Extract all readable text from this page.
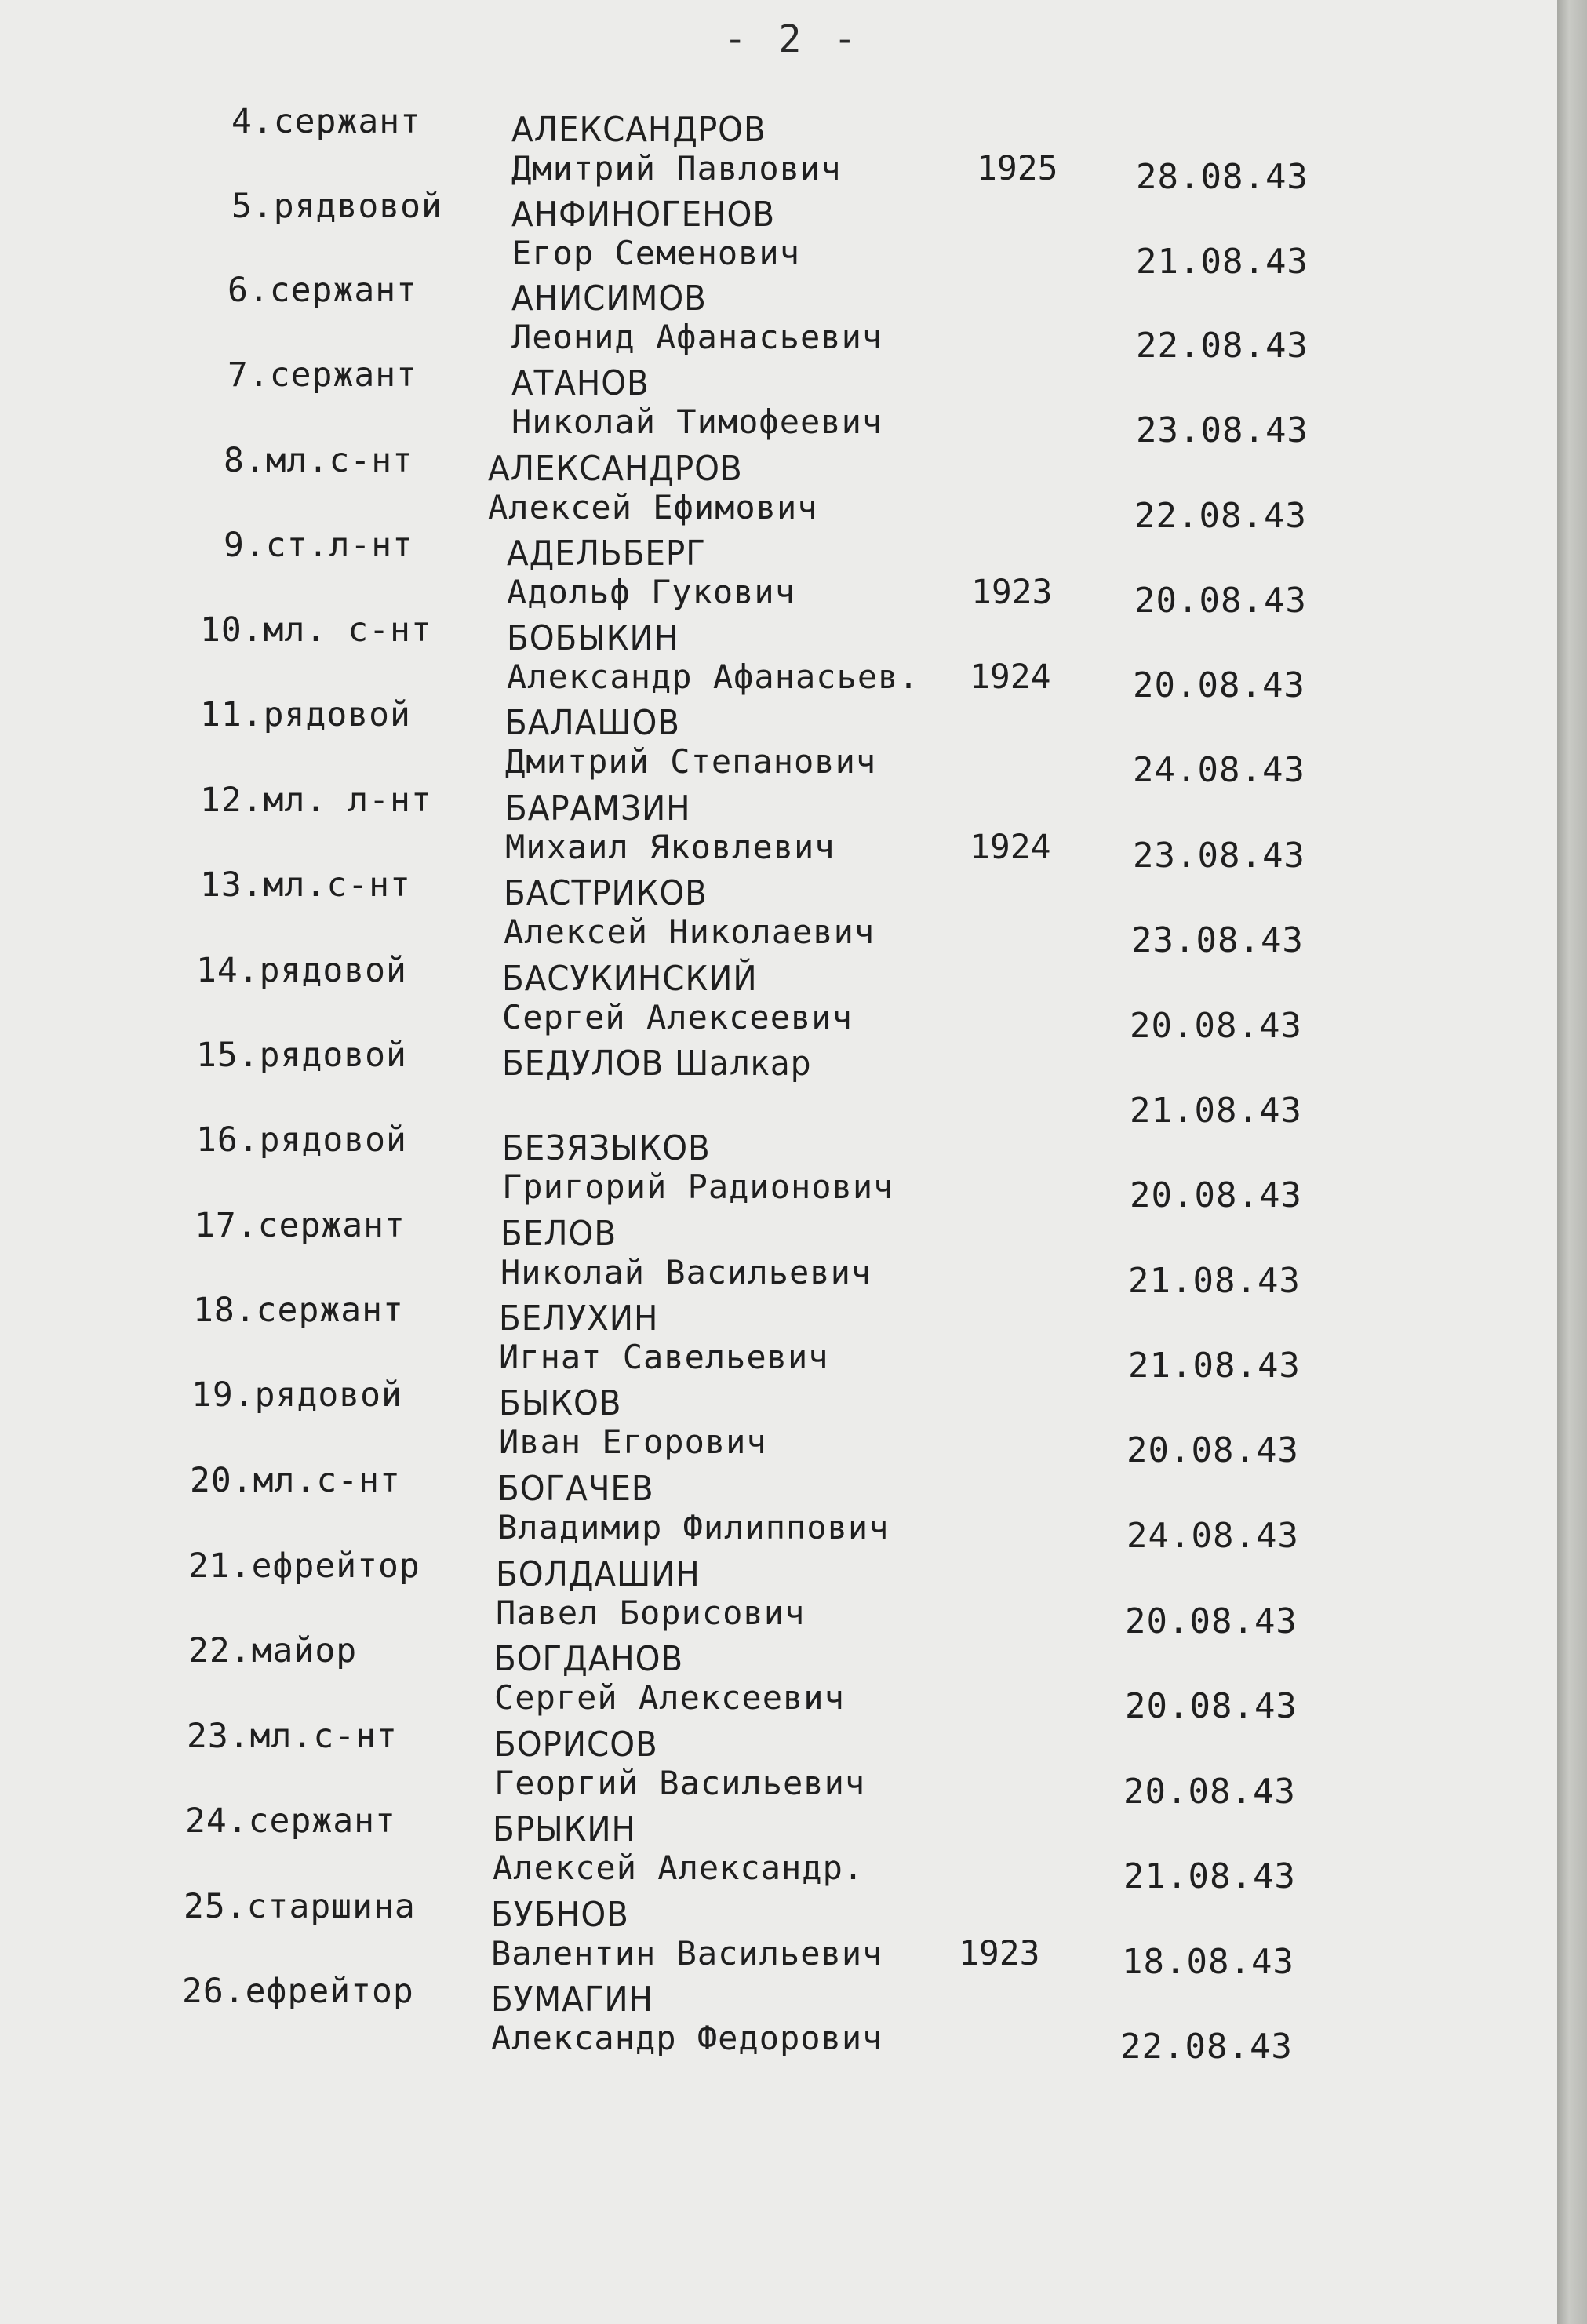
- 2 -
4.сержант	АЛЕКСАНДРОВ
Дмитрий Павлович	1925 28.08.43
5.рядвовой АНФИНОГЕНОВ
Егор Семенович	21.08.43
6.сержант	АНИСИМОВ
Леонид Афанасьевич	22.08.43
7.сержант	АТАНОВ
Николай Тимофеевич	23.08.43
8.мл.с-нт АЛЕКСАНДРОВ
Алексей Ефимович	22.08.43
9.ст.л-нт	АДЕЛЬБЕРГ
Адольф Гукович	1923 20.08.43
10.мл. с-нт БОБЫКИН
Александр Афанасьев. 1924 20.08.43
11.рядовой	БАЛАШОВ
Дмитрий Степанович	24.08.43
12.мл. л-нт БАРАМЗИН
Михаил Яковлевич	1924 23.08.43
13.мл.с-нт	БАСТРИКОВ
Алексей Николаевич	23.08.43
14.рядовой	БАСУКИНСКИЙ
Сергей Алексеевич	20.08.43
15.рядовой	БЕДУЛОВ Шалкар
21.08.43
16.рядовой	БЕЗЯЗЫКОВ
Григорий Радионович	20.08.43
17.сержант	БЕЛОВ
Николай Васильевич	21.08.43
18.сержант	БЕЛУХИН
Игнат Савельевич	21.08.43
19.рядовой	БЫКОВ
Иван Егорович	20.08.43
20.мл.с-нт	БОГАЧЕВ
Владимир Филиппович	24.08.43
21.ефрейтор БОЛДАШИН
Павел Борисович	20.08.43
22.майор	БОГДАНОВ
Сергей Алексеевич	20.08.43
23.мл.с-нт	БОРИСОВ
Георгий Васильевич	20.08.43
24.сержант	БРЫКИН
Алексей Александр.	21.08.43
25.старшина БУБНОВ
Валентин Васильевич 1923 18.08.43
26.ефрейтор БУМАГИН
Александр Федорович	22.08.43
